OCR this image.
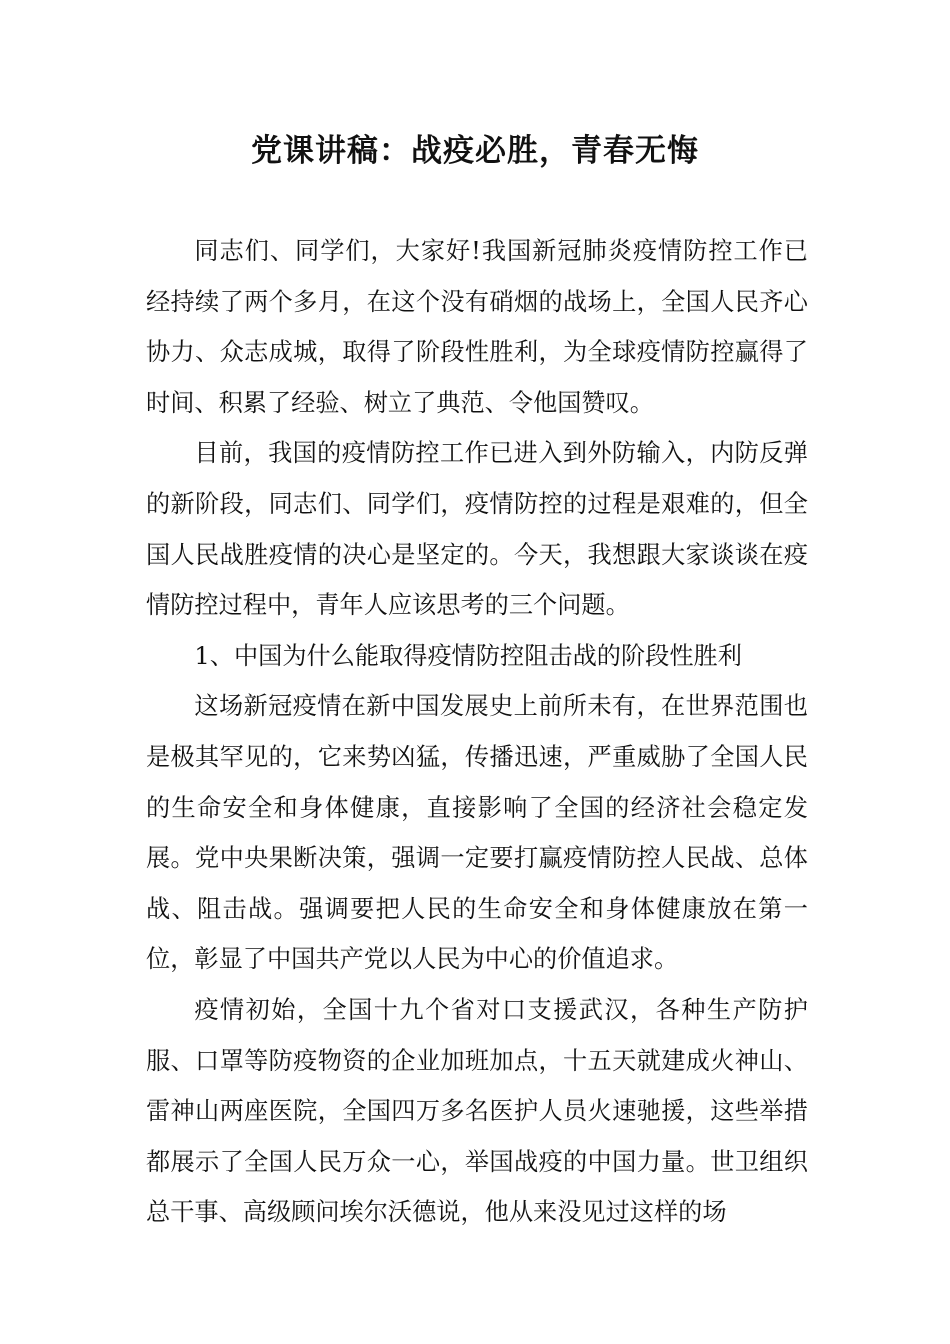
党课讲稿：战疫必胜，青春无悔

同志们、同学们，大家好!我国新冠肺炎疫情防控工作已经持续了两个多月，在这个没有硝烟的战场上，全国人民齐心协力、众志成城，取得了阶段性胜利，为全球疫情防控赢得了时间、积累了经验、树立了典范、令他国赞叹。

目前，我国的疫情防控工作已进入到外防输入，内防反弹的新阶段，同志们、同学们，疫情防控的过程是艰难的，但全国人民战胜疫情的决心是坚定的。今天，我想跟大家谈谈在疫情防控过程中，青年人应该思考的三个问题。

1、中国为什么能取得疫情防控阻击战的阶段性胜利

这场新冠疫情在新中国发展史上前所未有，在世界范围也是极其罕见的，它来势凶猛，传播迅速，严重威胁了全国人民的生命安全和身体健康，直接影响了全国的经济社会稳定发展。党中央果断决策，强调一定要打赢疫情防控人民战、总体战、阻击战。强调要把人民的生命安全和身体健康放在第一位，彰显了中国共产党以人民为中心的价值追求。

疫情初始，全国十九个省对口支援武汉，各种生产防护服、口罩等防疫物资的企业加班加点，十五天就建成火神山、雷神山两座医院，全国四万多名医护人员火速驰援，这些举措都展示了全国人民万众一心，举国战疫的中国力量。世卫组织总干事、高级顾问埃尔沃德说，他从来没见过这样的场
